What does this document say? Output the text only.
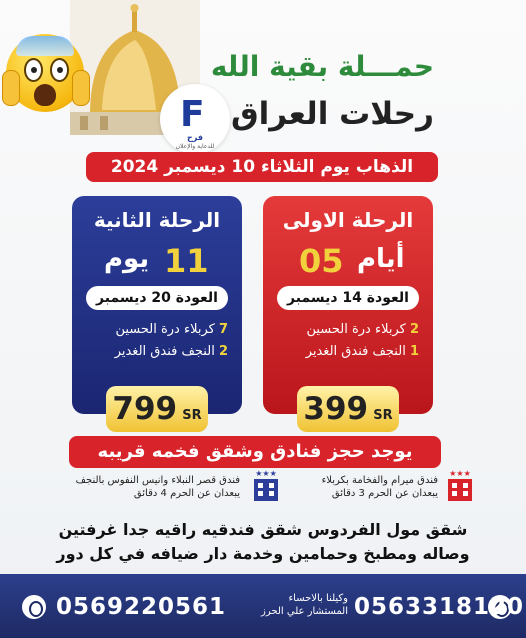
حمـــلة بقية الله
رحلات العراق
F
فرح
للدعاية والإعلان
الذهاب يوم الثلاثاء 10 ديسمبر 2024
الرحلة الاولى
05 أيام
العودة 14 ديسمبر
2 كربلاء درة الحسين
1 النجف فندق الغدير
الرحلة الثانية
11
يوم
العودة 20 ديسمبر
7 كربلاء درة الحسين
2 النجف فندق الغدير
399 SR
799 SR
يوجد حجز فنادق وشقق فخمه قريبه
★★★
فندق ميرام والفخامة بكربلاء
يبعدان عن الحرم 3 دقائق
★★★
فندق قصر النبلاء وانيس النفوس بالنجف
يبعدان عن الحرم 4 دقائق
شقق مول الفردوس شقق فندقيه راقيه جدا غرفتين
وصاله ومطبخ وحمامين وخدمة دار ضيافه في كل دور
0563318120
وكيلنا بالاحساء
المستشار علي الحرز
0569220561
